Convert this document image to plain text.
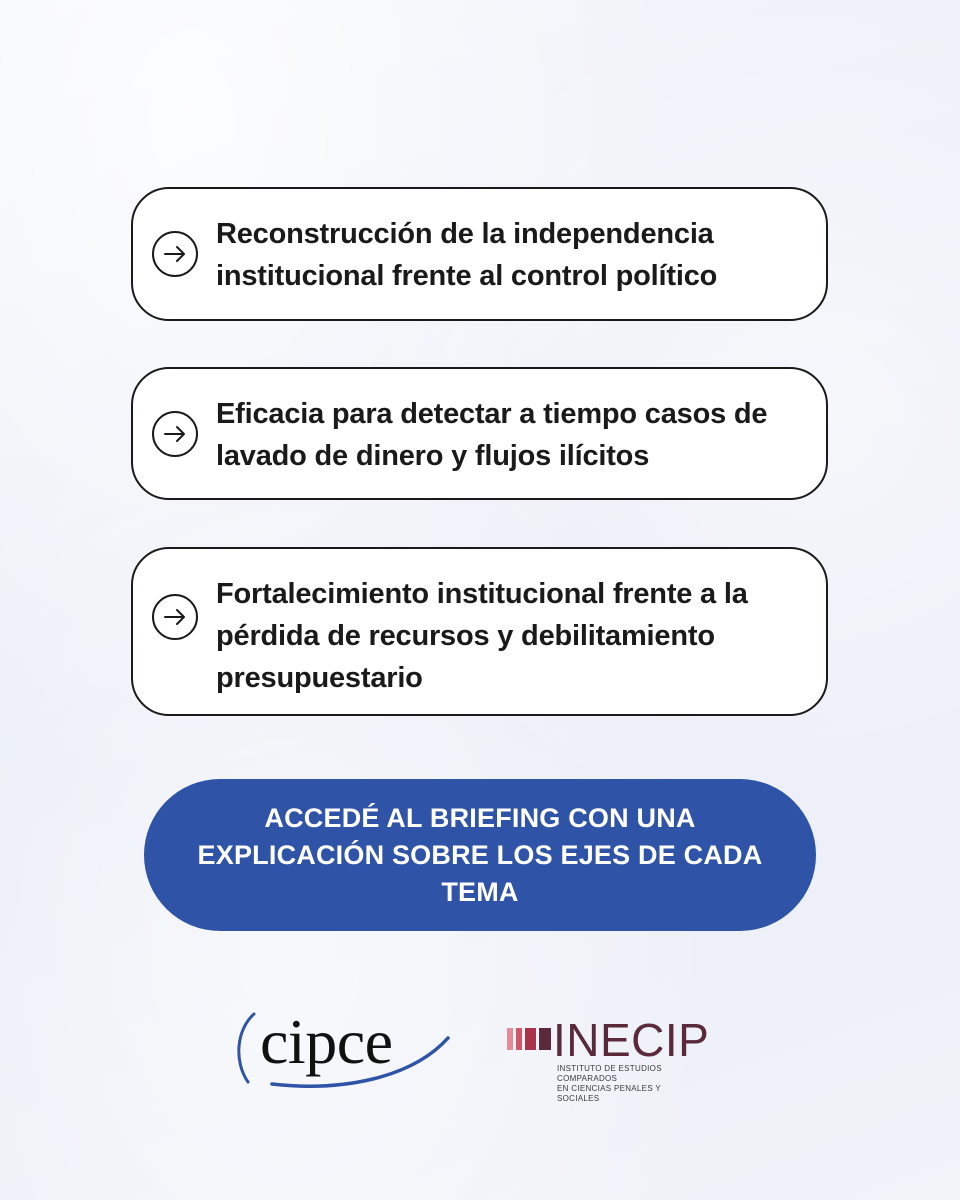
Reconstrucción de la independencia institucional frente al control político
Eficacia para detectar a tiempo casos de lavado de dinero y flujos ilícitos
Fortalecimiento institucional frente a la pérdida de recursos y debilitamiento presupuestario
ACCEDÉ AL BRIEFING CON UNA EXPLICACIÓN SOBRE LOS EJES DE CADA TEMA
cipce	INECIP
INSTITUTO DE ESTUDIOS COMPARADOS
EN CIENCIAS PENALES Y SOCIALES
